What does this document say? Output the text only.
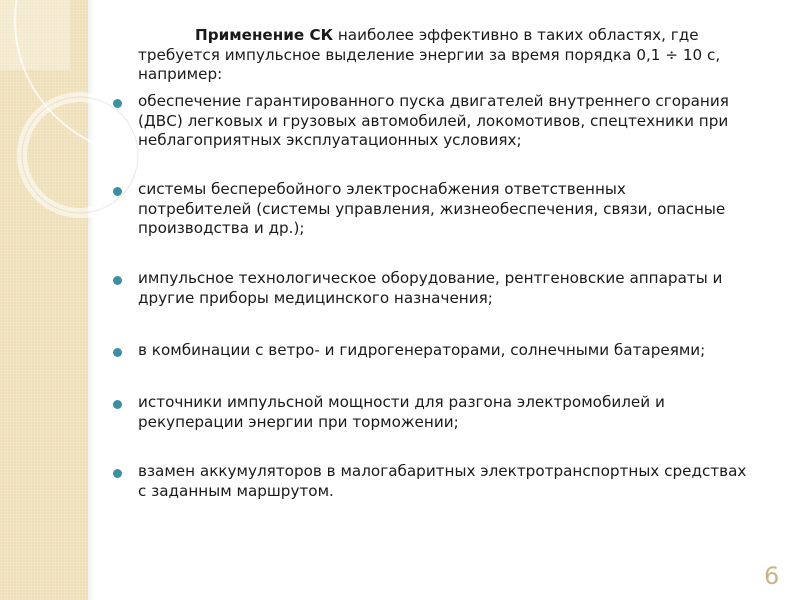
Применение СК наиболее эффективно в таких областях, где
требуется импульсное выделение энергии за время порядка 0,1 ÷ 10 с,
например:
обеспечение гарантированного пуска двигателей внутреннего сгорания
(ДВС) легковых и грузовых автомобилей, локомотивов, спецтехники при
неблагоприятных эксплуатационных условиях;
системы бесперебойного электроснабжения ответственных
потребителей (системы управления, жизнеобеспечения, связи, опасные
производства и др.);
импульсное технологическое оборудование, рентгеновские аппараты и
другие приборы медицинского назначения;
в комбинации с ветро- и гидрогенераторами, солнечными батареями;
источники импульсной мощности для разгона электромобилей и
рекуперации энергии при торможении;
взамен аккумуляторов в малогабаритных электротранспортных средствах
с заданным маршрутом.
6
